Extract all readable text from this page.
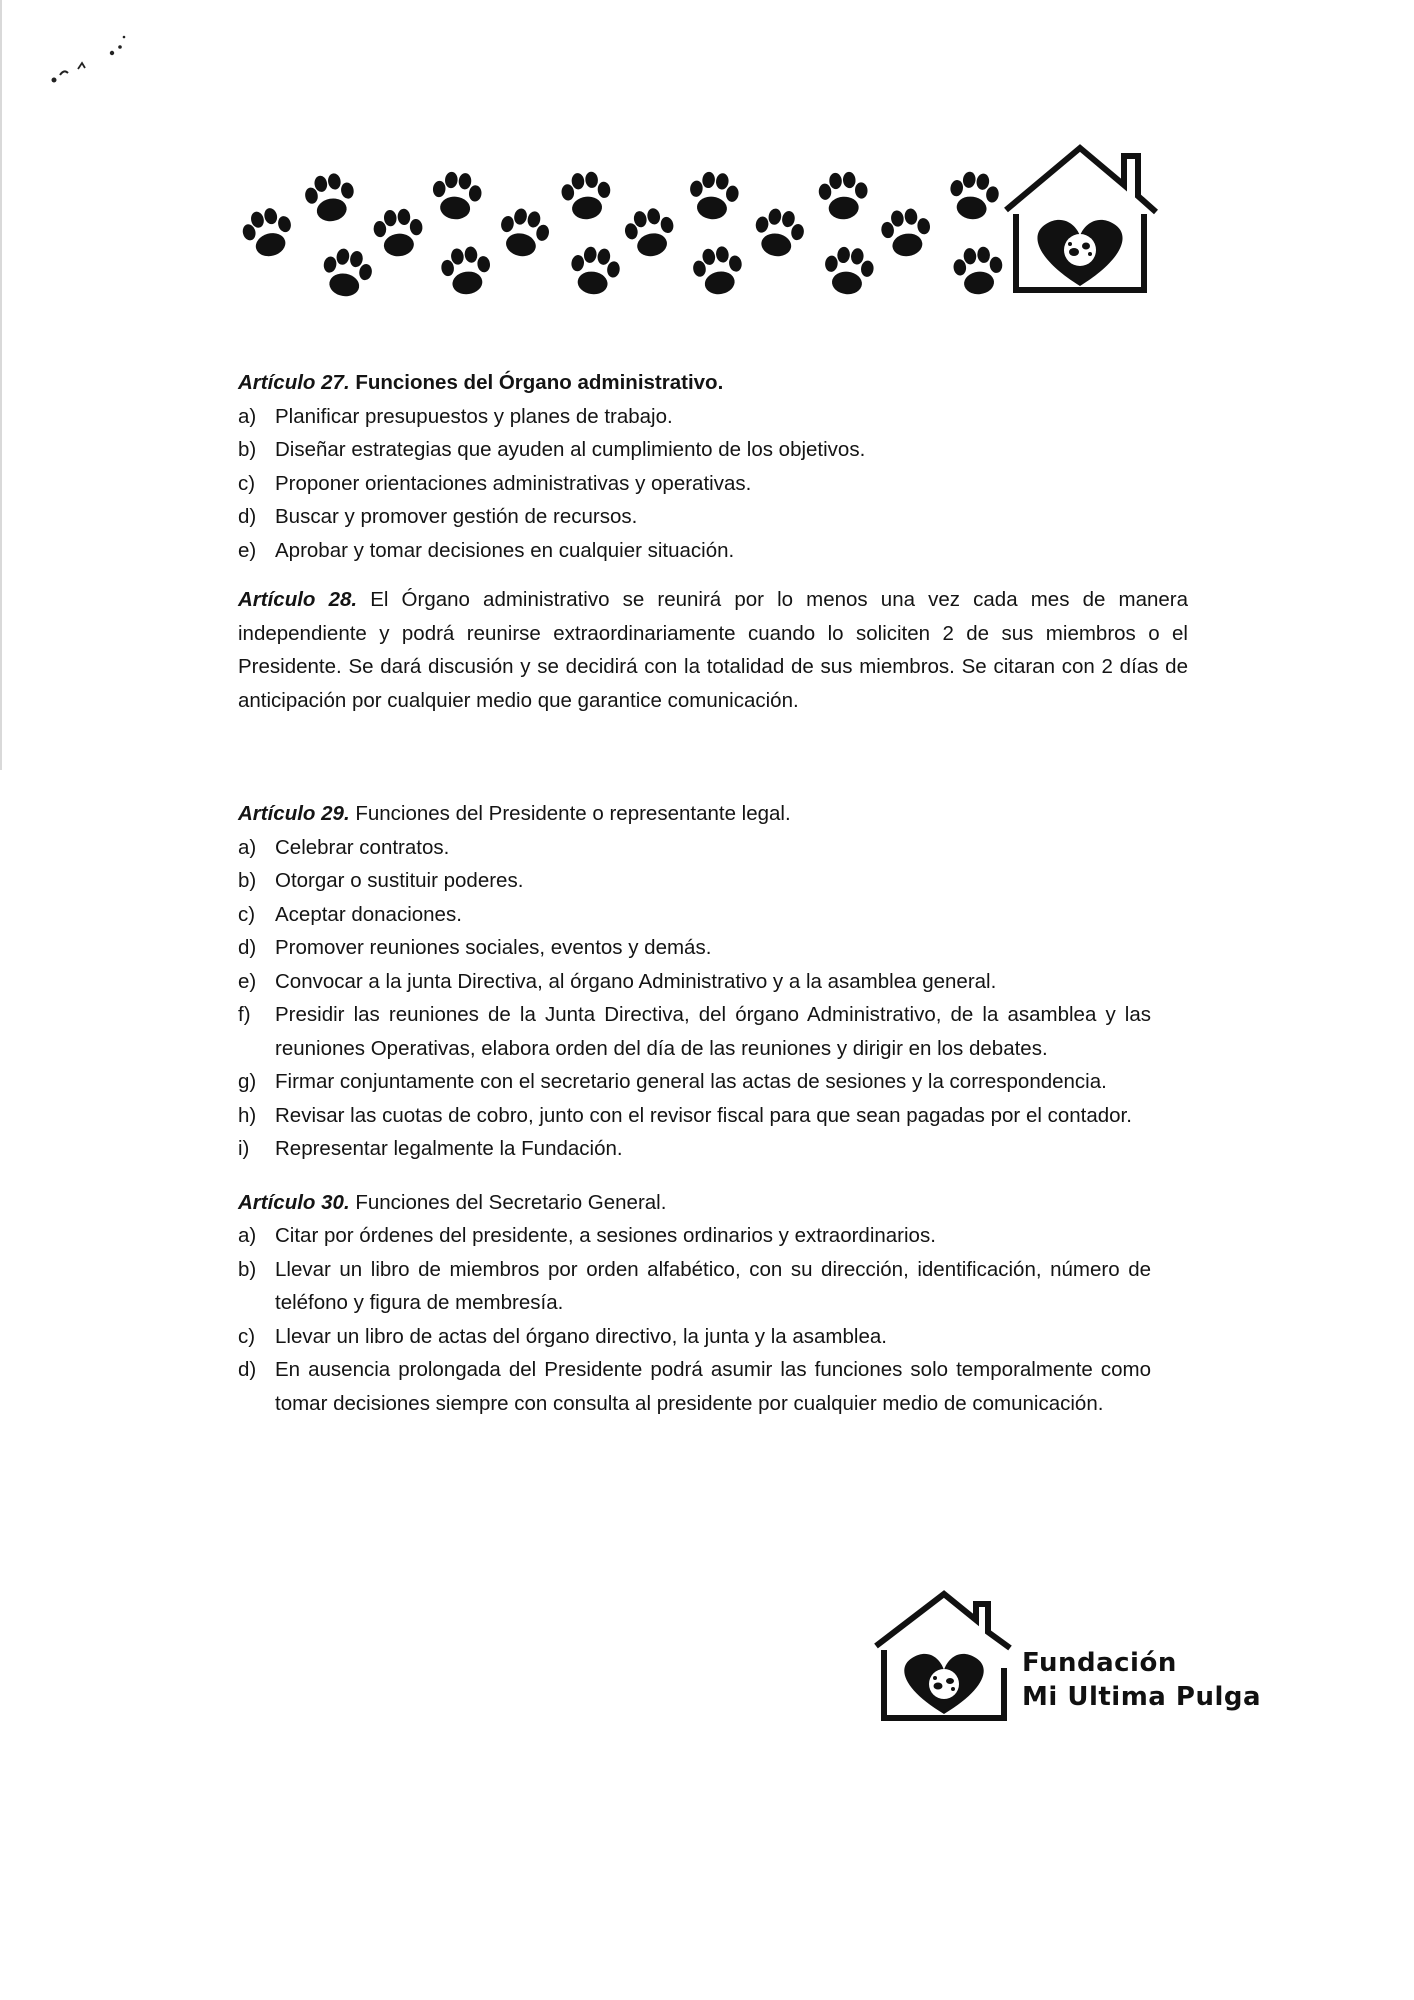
Artículo 27. Funciones del Órgano administrativo.

a) Planificar presupuestos y planes de trabajo.
b) Diseñar estrategias que ayuden al cumplimiento de los objetivos.
c) Proponer orientaciones administrativas y operativas.
d) Buscar y promover gestión de recursos.
e) Aprobar y tomar decisiones en cualquier situación.

Artículo 28. El Órgano administrativo se reunirá por lo menos una vez cada mes de manera independiente y podrá reunirse extraordinariamente cuando lo soliciten 2 de sus miembros o el Presidente. Se dará discusión y se decidirá con la totalidad de sus miembros. Se citaran con 2 días de anticipación por cualquier medio que garantice comunicación.

Artículo 29. Funciones del Presidente o representante legal.

a) Celebrar contratos.
b) Otorgar o sustituir poderes.
c) Aceptar donaciones.
d) Promover reuniones sociales, eventos y demás.
e) Convocar a la junta Directiva, al órgano Administrativo y a la asamblea general.
f)	Presidir las reuniones de la Junta Directiva, del órgano Administrativo, de la asamblea y las reuniones Operativas, elabora orden del día de las reuniones y dirigir en los debates.
g) Firmar conjuntamente con el secretario general las actas de sesiones y la correspondencia.
h) Revisar las cuotas de cobro, junto con el revisor fiscal para que sean pagadas por el contador.
i)	Representar legalmente la Fundación.

Artículo 30. Funciones del Secretario General.

a) Citar por órdenes del presidente, a sesiones ordinarios y extraordinarios.
b) Llevar un libro de miembros por orden alfabético, con su dirección, identificación, número de teléfono y figura de membresía.
c) Llevar un libro de actas del órgano directivo, la junta y la asamblea.
d) En ausencia prolongada del Presidente podrá asumir las funciones solo temporalmente como tomar decisiones siempre con consulta al presidente por cualquier medio de comunicación.
Fundación
Mi Ultima Pulga
